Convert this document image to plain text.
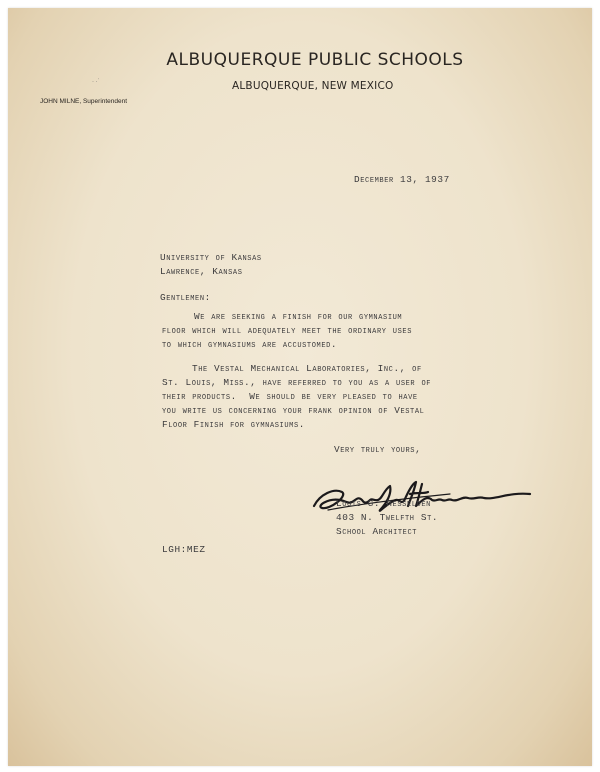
ALBUQUERQUE PUBLIC SCHOOLS
ALBUQUERQUE, NEW MEXICO
· ·˙
JOHN MILNE, Superintendent
December 13, 1937
University of Kansas
Lawrence, Kansas
Gentlemen:
We are seeking a finish for our gymnasium
floor which will adequately meet the ordinary uses
to which gymnasiums are accustomed.
The Vestal Mechanical Laboratories, Inc., of
St. Louis, Miss., have referred to you as a user of
their products.  We should be very pleased to have
you write us concerning your frank opinion of Vestal
Floor Finish for gymnasiums.
Very truly yours,
Louis G. Hesselden
403 N. Twelfth St.
School Architect
LGH:MEZ
